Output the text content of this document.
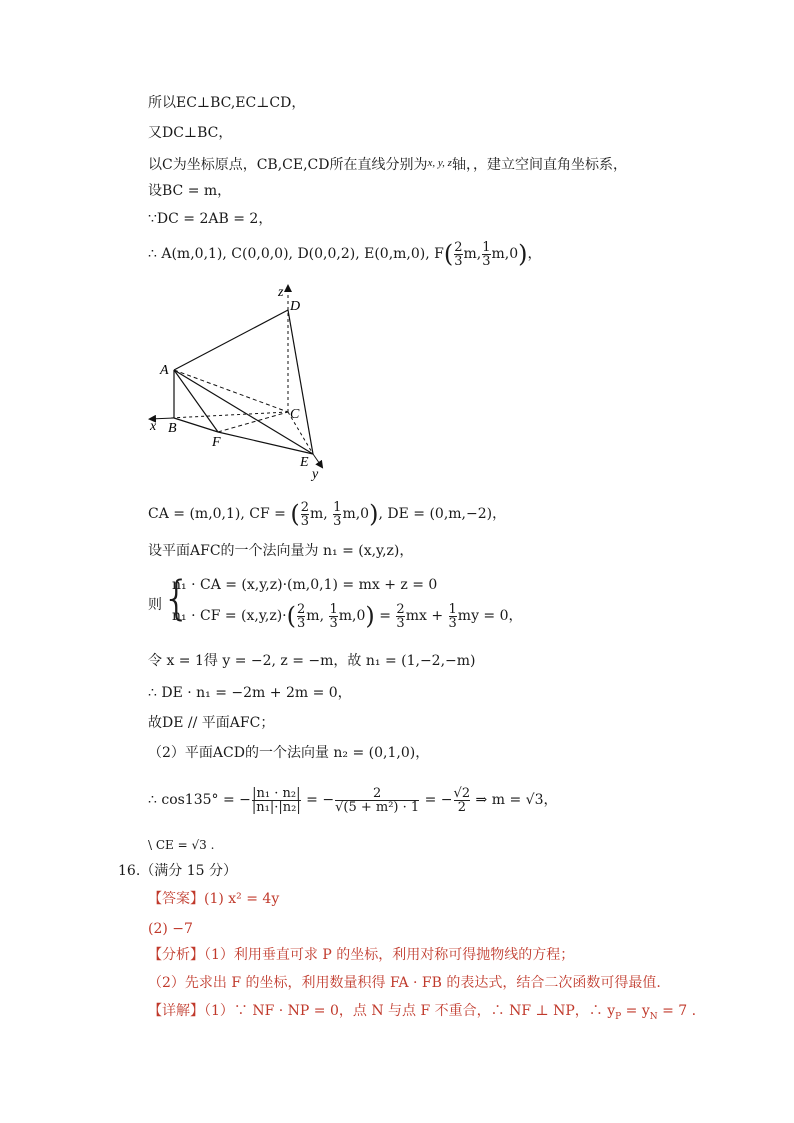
所以EC⊥BC,EC⊥CD，
又DC⊥BC，
以C为坐标原点，CB,CE,CD所在直线分别为$^{x, y, z}$轴，，建立空间直角坐标系，
设BC = m，
∵DC = 2AB = 2，
∴ A(m,0,1), C(0,0,0), D(0,0,2), E(0,m,0), $F( \frac{2}{3} m$, $\frac{1}{3} m,0$)，
z
D
A
C
x B
F
E
y
CA = (m,0,1), CF = ( $\frac{2}{3} m$, $\frac{1}{3} m,0$), DE = (0,m,−2)，
设平面AFC的一个法向量为 n₁ = (x,y,z)，
则 {
n₁ · CA = (x,y,z)·(m,0,1) = mx + z = 0
n₁ · CF = $(x,y,z)\cdot( \frac{2}{3} m$, $\frac{1}{3} m,0) = \frac{2}{3}$ mx + $\frac{1}{3}$ my = 0，
令 x = 1得 y = −2, z = −m，故 n₁ = (1,−2,−m)
∴ DE · n₁ = −2m + 2m = 0，
故DE // 平面AFC；
（2）平面ACD的一个法向量 n₂ = (0,1,0)，
∴ cos135° = − $\frac{\text{|n₁ · n₂|}}{\text{|n₁|·|n₂|}}$ = − $\frac{2}{\text{√(5 + m²) · 1}}$ = − $\frac{√2}{2}$ ⇒ m = √3，
\ CE = √3 .
16.（满分 15 分）
【答案】(1) x² = 4y
(2) −7
【分析】（1）利用垂直可求 P 的坐标，利用对称可得抛物线的方程；
（2）先求出 F 的坐标，利用数量积得 FA · FB 的表达式，结合二次函数可得最值.
【详解】（1）∵ NF · NP = 0，点 N 与点 F 不重合，∴ NF ⊥ NP，∴ $y_P = y_N = 7$ .
